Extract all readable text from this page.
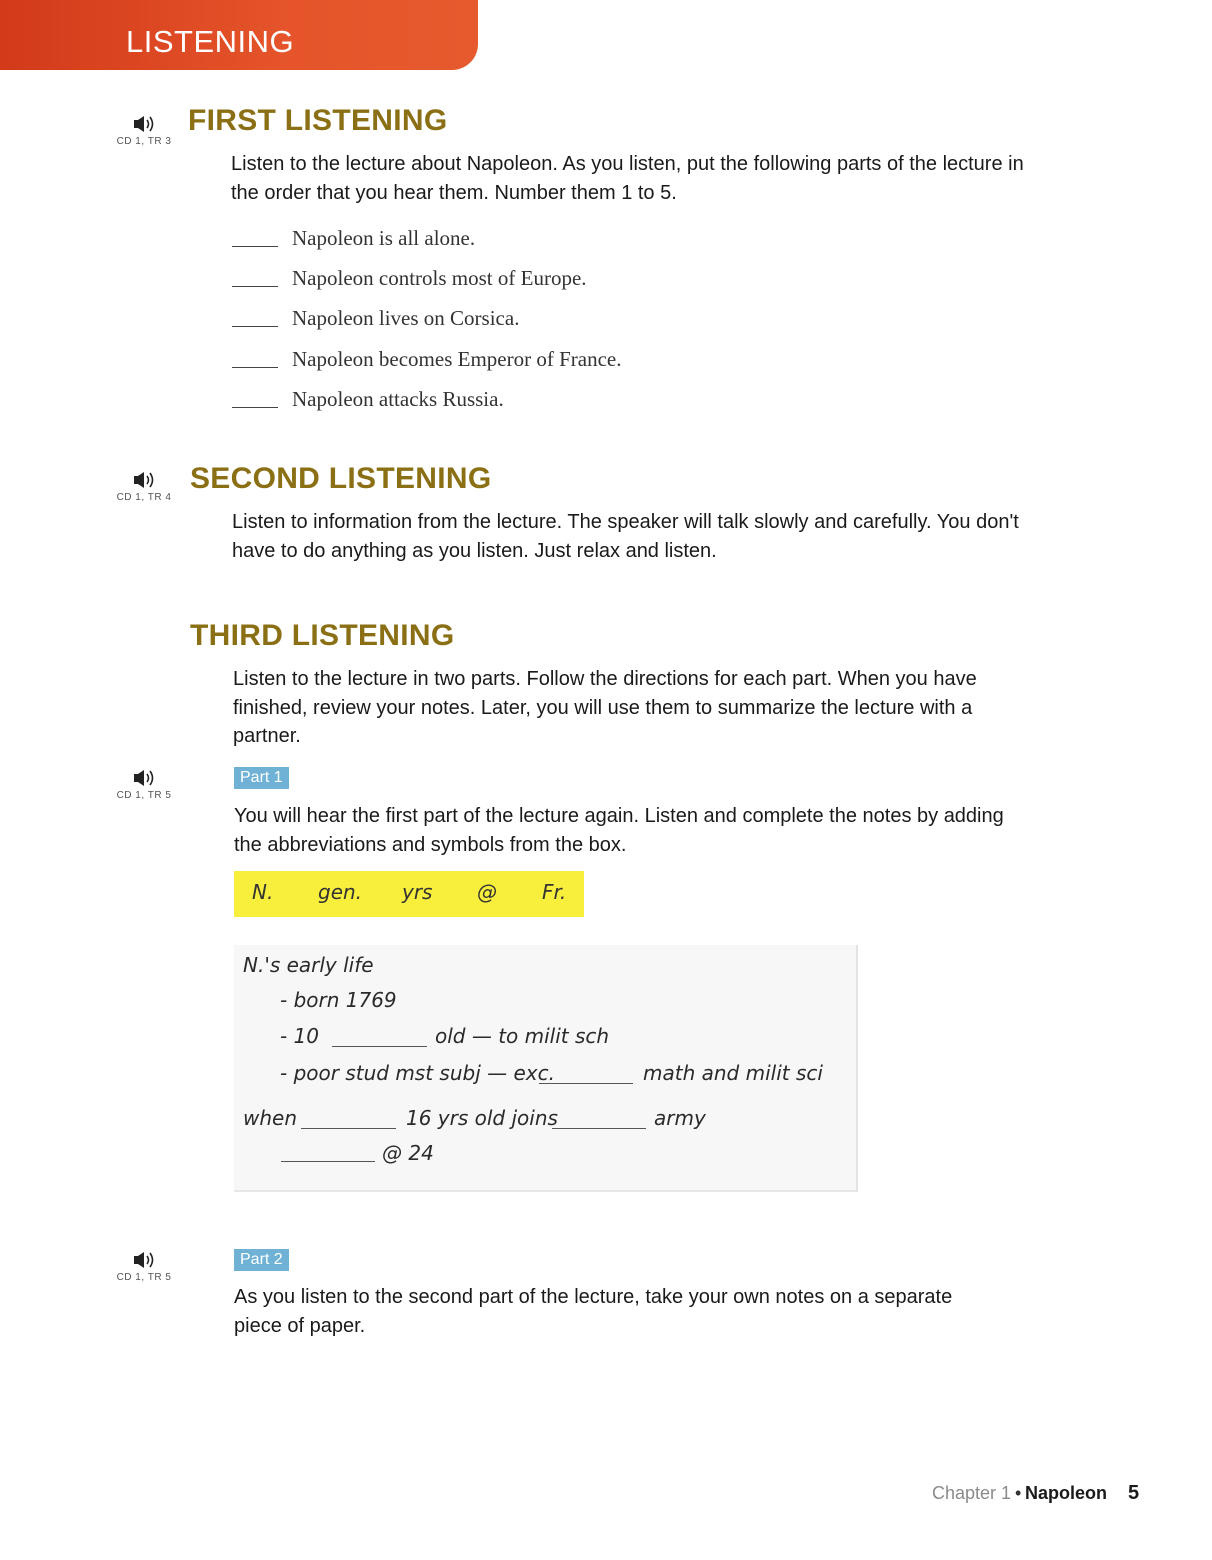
LISTENING
CD 1, TR 3
FIRST LISTENING
Listen to the lecture about Napoleon. As you listen, put the following parts of the lecture in the order that you hear them. Number them 1 to 5.
Napoleon is all alone.
Napoleon controls most of Europe.
Napoleon lives on Corsica.
Napoleon becomes Emperor of France.
Napoleon attacks Russia.
CD 1, TR 4
SECOND LISTENING
Listen to information from the lecture. The speaker will talk slowly and carefully. You don't have to do anything as you listen. Just relax and listen.
THIRD LISTENING
Listen to the lecture in two parts. Follow the directions for each part. When you have finished, review your notes. Later, you will use them to summarize the lecture with a partner.
CD 1, TR 5
Part 1
You will hear the first part of the lecture again. Listen and complete the notes by adding the abbreviations and symbols from the box.
N. gen. yrs @ Fr.
N.'s early life
- born 1769
- 10	old — to milit sch
- poor stud mst subj — exc.	math and milit sci
when	16 yrs old joins	army
@ 24
CD 1, TR 5
Part 2
As you listen to the second part of the lecture, take your own notes on a separate piece of paper.
Chapter 1 • Napoleon 5
